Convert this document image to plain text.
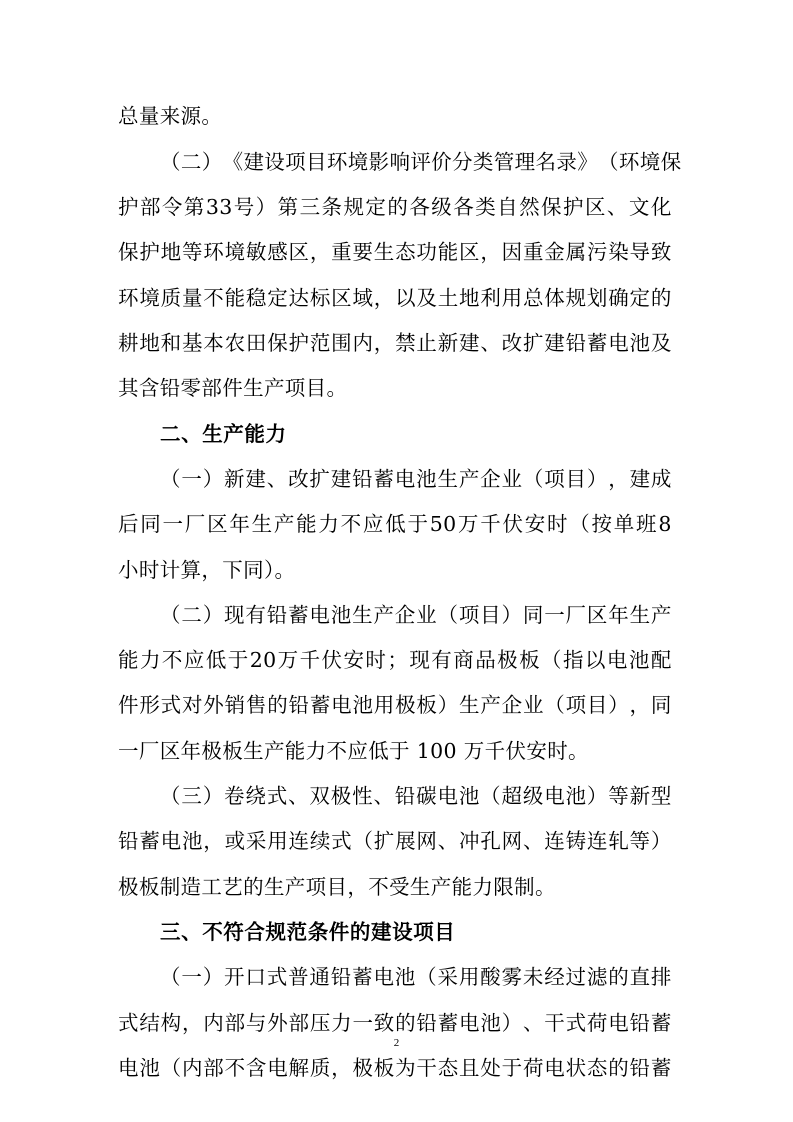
总量来源。
（ 二 ） 《 建 设 项 目 环 境 影 响 评 价 分 类 管 理 名 录 》 （ 环 境 保
护 部 令 第 33 号 ） 第 三 条 规 定 的 各 级 各 类 自 然 保 护 区 、 文 化
保 护 地 等 环 境 敏 感 区 ， 重 要 生 态 功 能 区 ， 因 重 金 属 污 染 导 致
环 境 质 量 不 能 稳 定 达 标 区 域 ， 以 及 土 地 利 用 总 体 规 划 确 定 的
耕 地 和 基 本 农 田 保 护 范 围 内 ， 禁 止 新 建 、 改 扩 建 铅 蓄 电 池 及
其含铅零部件生产项目。
二、生产能力
（ 一 ） 新 建 、 改 扩 建 铅 蓄 电 池 生 产 企 业 （ 项 目 ） ， 建 成
后 同 一 厂 区 年 生 产 能 力 不 应 低 于 50 万 千 伏 安 时 （ 按 单 班 8
小时计算，下同）。
（ 二 ） 现 有 铅 蓄 电 池 生 产 企 业 （ 项 目 ） 同 一 厂 区 年 生 产
能 力 不 应 低 于 20 万 千 伏 安 时 ； 现 有 商 品 极 板 （ 指 以 电 池 配
件 形 式 对 外 销 售 的 铅 蓄 电 池 用 极 板 ） 生 产 企 业 （ 项 目 ） ， 同
一厂区年极板生产能力不应低于 100 万千伏安时。
（ 三 ） 卷 绕 式 、 双 极 性 、 铅 碳 电 池 （ 超 级 电 池 ） 等 新 型
铅 蓄 电 池 ， 或 采 用 连 续 式 （ 扩 展 网 、 冲 孔 网 、 连 铸 连 轧 等 ）
极板制造工艺的生产项目，不受生产能力限制。
三、不符合规范条件的建设项目
（ 一 ） 开 口 式 普 通 铅 蓄 电 池 （ 采 用 酸 雾 未 经 过 滤 的 直 排
式 结 构 ， 内 部 与 外 部 压 力 一 致 的 铅 蓄 电 池 ） 、 干 式 荷 电 铅 蓄
电 池 （ 内 部 不 含 电 解 质 ， 极 板 为 干 态 且 处 于 荷 电 状 态 的 铅 蓄
2
